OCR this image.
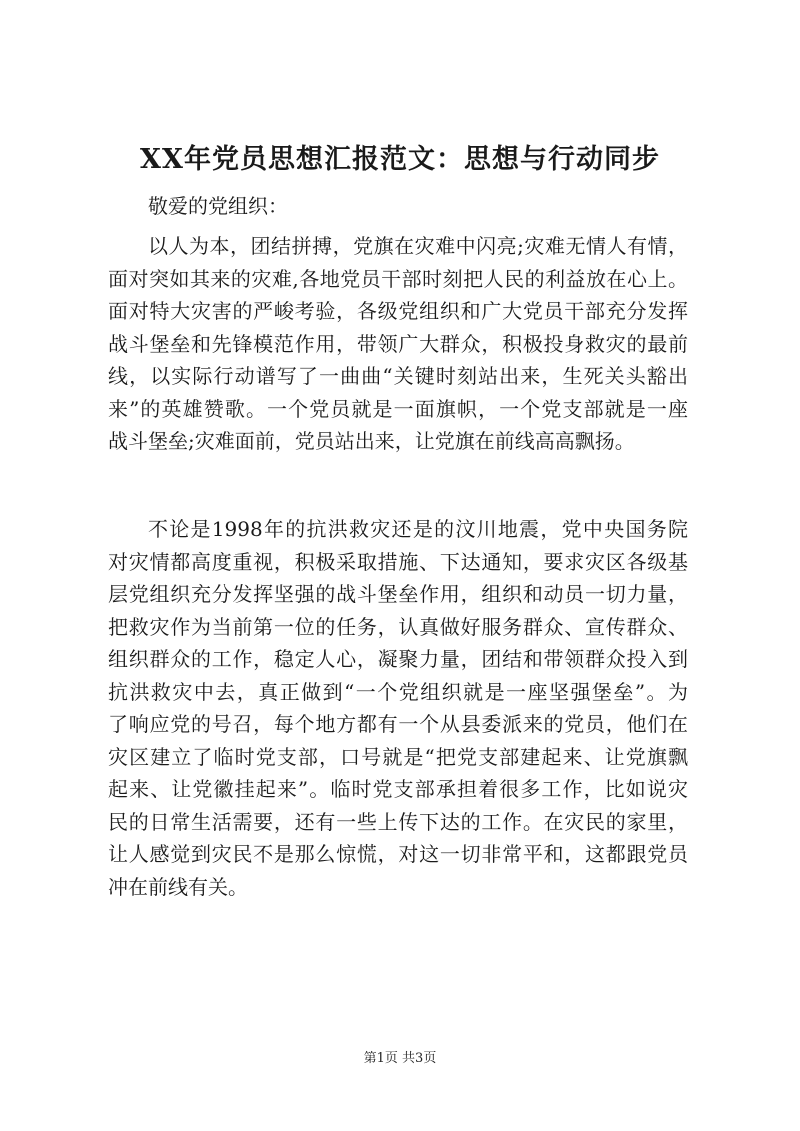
XX年党员思想汇报范文：思想与行动同步
敬爱的党组织：
以人为本，团结拼搏，党旗在灾难中闪亮;灾难无情人有情，
面对突如其来的灾难,各地党员干部时刻把人民的利益放在心上。
面对特大灾害的严峻考验，各级党组织和广大党员干部充分发挥
战斗堡垒和先锋模范作用，带领广大群众，积极投身救灾的最前
线，以实际行动谱写了一曲曲“关键时刻站出来，生死关头豁出
来”的英雄赞歌。一个党员就是一面旗帜，一个党支部就是一座
战斗堡垒;灾难面前，党员站出来，让党旗在前线高高飘扬。
不论是1998年的抗洪救灾还是的汶川地震，党中央国务院
对灾情都高度重视，积极采取措施、下达通知，要求灾区各级基
层党组织充分发挥坚强的战斗堡垒作用，组织和动员一切力量，
把救灾作为当前第一位的任务，认真做好服务群众、宣传群众、
组织群众的工作，稳定人心，凝聚力量，团结和带领群众投入到
抗洪救灾中去，真正做到“一个党组织就是一座坚强堡垒”。为
了响应党的号召，每个地方都有一个从县委派来的党员，他们在
灾区建立了临时党支部，口号就是“把党支部建起来、让党旗飘
起来、让党徽挂起来”。临时党支部承担着很多工作，比如说灾
民的日常生活需要，还有一些上传下达的工作。在灾民的家里，
让人感觉到灾民不是那么惊慌，对这一切非常平和，这都跟党员
冲在前线有关。
第1页 共3页
